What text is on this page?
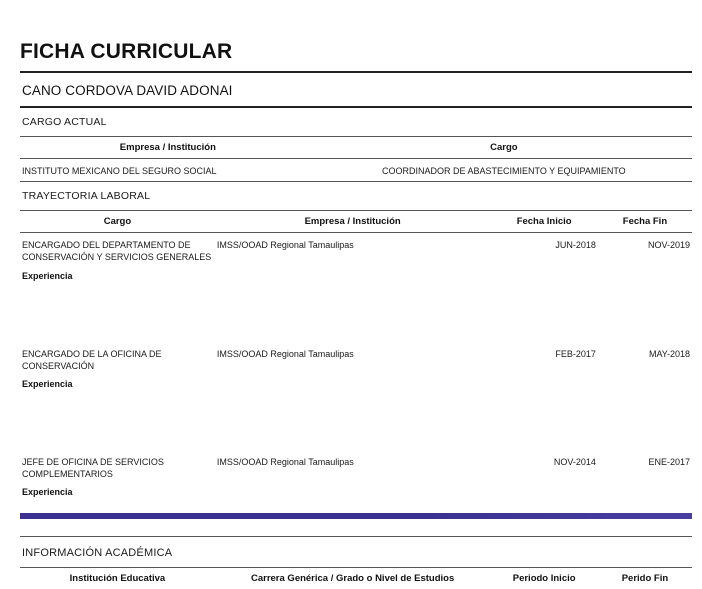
FICHA CURRICULAR
CANO CORDOVA DAVID ADONAI
CARGO ACTUAL
Empresa / Institución	Cargo
INSTITUTO MEXICANO DEL SEGURO SOCIAL	COORDINADOR DE ABASTECIMIENTO Y EQUIPAMIENTO
TRAYECTORIA LABORAL
Cargo	Empresa / Institución	Fecha Inicio	Fecha Fin
ENCARGADO DEL DEPARTAMENTO DE CONSERVACIÓN Y SERVICIOS GENERALES	IMSS/OOAD Regional Tamaulipas	JUN-2018	NOV-2019
Experiencia			
ENCARGADO DE LA OFICINA DE CONSERVACIÓN	IMSS/OOAD Regional Tamaulipas	FEB-2017	MAY-2018
Experiencia			
JEFE DE OFICINA DE SERVICIOS COMPLEMENTARIOS	IMSS/OOAD Regional Tamaulipas	NOV-2014	ENE-2017
Experiencia			
INFORMACIÓN ACADÉMICA
Institución Educativa	Carrera Genérica / Grado o Nivel de Estudios	Periodo Inicio	Perido Fin
